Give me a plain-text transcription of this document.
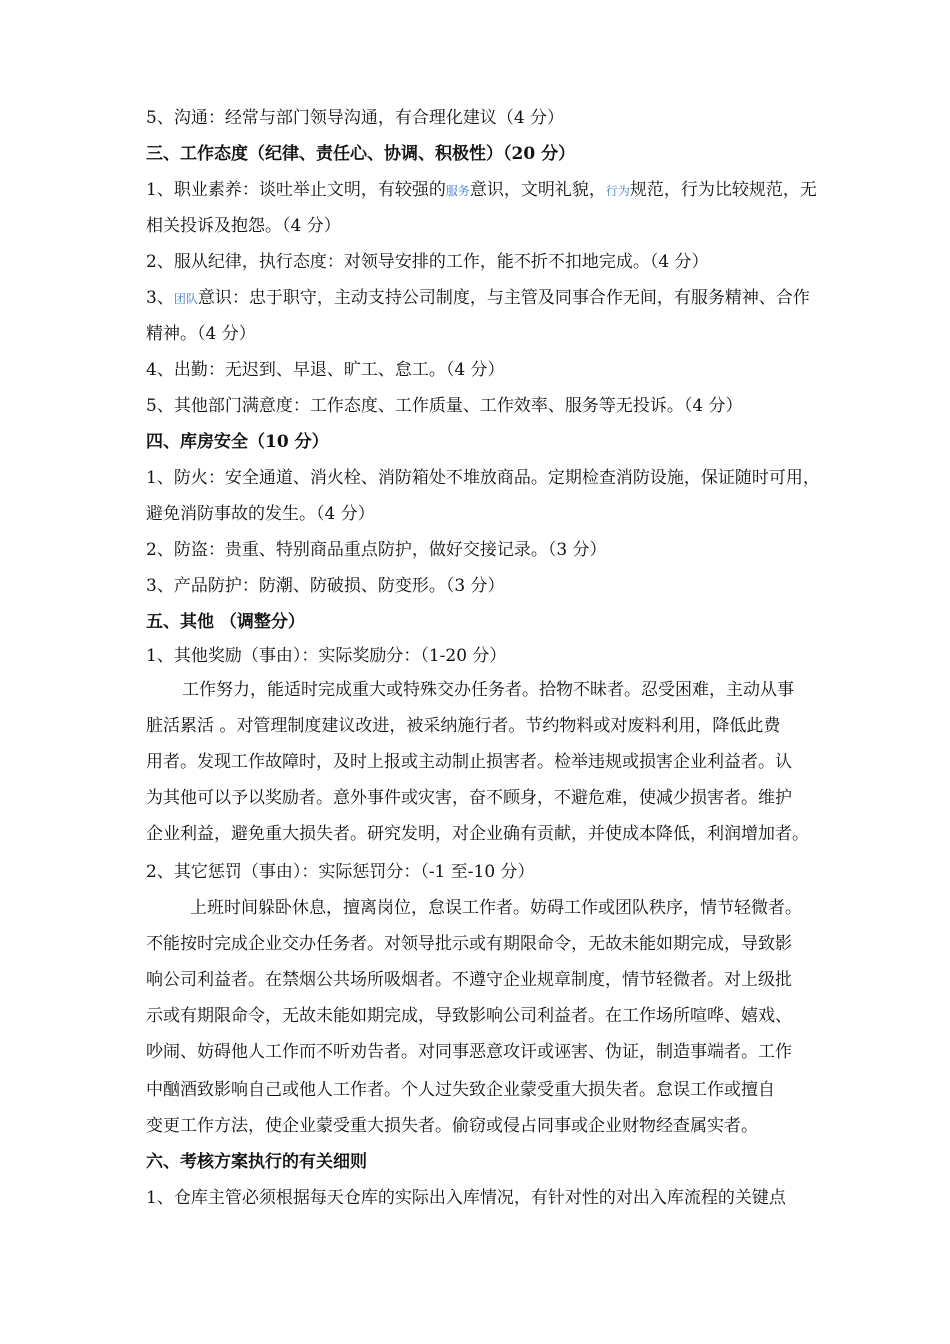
5、沟通：经常与部门领导沟通，有合理化建议（4 分）
三、工作态度（纪律、责任心、协调、积极性）（20 分）
1、职业素养：谈吐举止文明，有较强的服务意识，文明礼貌，行为规范，行为比较规范，无
相关投诉及抱怨。（4 分）
2、服从纪律，执行态度：对领导安排的工作，能不折不扣地完成。（4 分）
3、团队意识：忠于职守，主动支持公司制度，与主管及同事合作无间，有服务精神、合作
精神。（4 分）
4、出勤：无迟到、早退、旷工、怠工。（4 分）
5、其他部门满意度：工作态度、工作质量、工作效率、服务等无投诉。（4 分）
四、库房安全（10 分）
1、防火：安全通道、消火栓、消防箱处不堆放商品。定期检查消防设施，保证随时可用，
避免消防事故的发生。（4 分）
2、防盗：贵重、特别商品重点防护，做好交接记录。（3 分）
3、产品防护：防潮、防破损、防变形。（3 分）
五、其他 （调整分）
1、其他奖励（事由）：实际奖励分：（1-20 分）
工作努力，能适时完成重大或特殊交办任务者。拾物不昧者。忍受困难，主动从事
脏活累活 。对管理制度建议改进，被采纳施行者。节约物料或对废料利用，降低此费
用者。发现工作故障时，及时上报或主动制止损害者。检举违规或损害企业利益者。认
为其他可以予以奖励者。意外事件或灾害，奋不顾身，不避危难，使减少损害者。维护
企业利益，避免重大损失者。研究发明，对企业确有贡献，并使成本降低，利润增加者。
2、其它惩罚（事由）：实际惩罚分：（-1 至-10 分）
上班时间躲卧休息，擅离岗位，怠误工作者。妨碍工作或团队秩序，情节轻微者。
不能按时完成企业交办任务者。对领导批示或有期限命令，无故未能如期完成，导致影
响公司利益者。在禁烟公共场所吸烟者。不遵守企业规章制度，情节轻微者。对上级批
示或有期限命令，无故未能如期完成，导致影响公司利益者。在工作场所喧哗、嬉戏、
吵闹、妨碍他人工作而不听劝告者。对同事恶意攻讦或诬害、伪证，制造事端者。工作
中酗酒致影响自己或他人工作者。个人过失致企业蒙受重大损失者。怠误工作或擅自
变更工作方法，使企业蒙受重大损失者。偷窃或侵占同事或企业财物经查属实者。
六、考核方案执行的有关细则
1、仓库主管必须根据每天仓库的实际出入库情况，有针对性的对出入库流程的关键点
